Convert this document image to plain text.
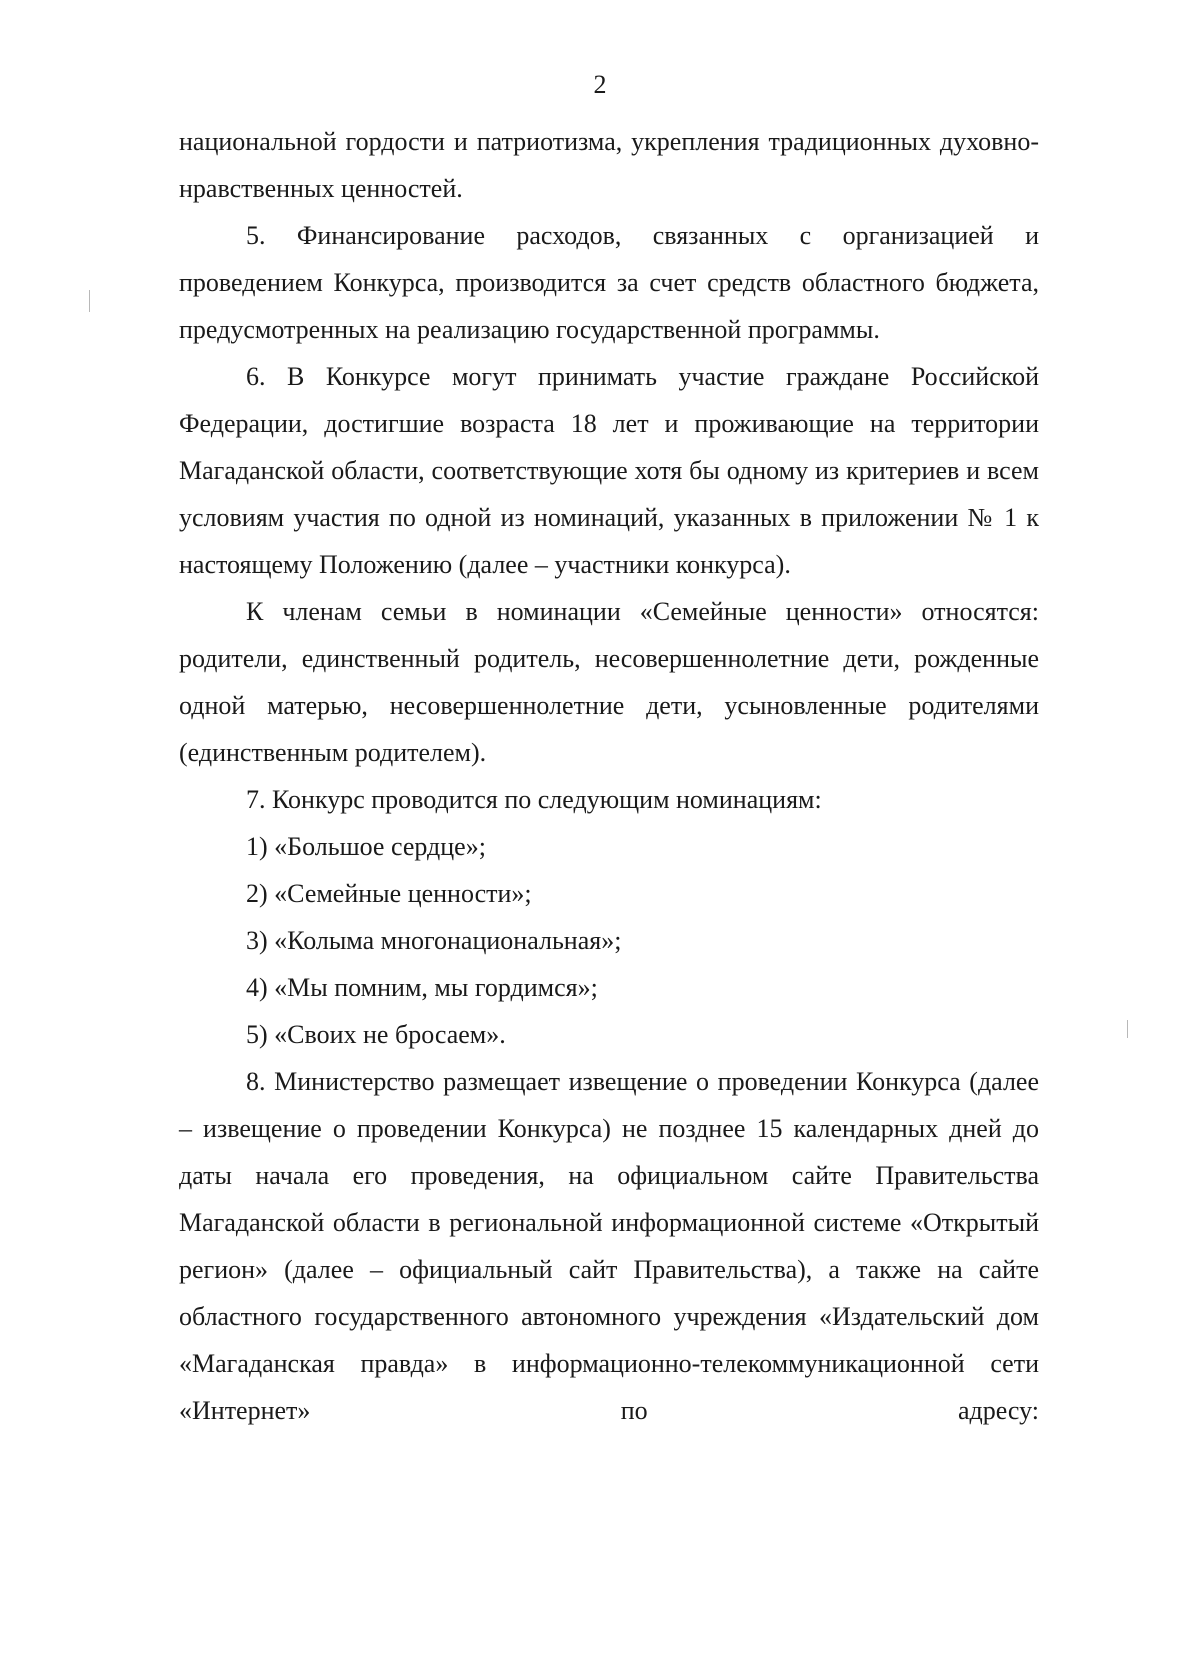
2

национальной гордости и патриотизма, укрепления традиционных духовно-нравственных ценностей.

5. Финансирование расходов, связанных с организацией и проведением Конкурса, производится за счет средств областного бюджета, предусмотренных на реализацию государственной программы.

6. В Конкурсе могут принимать участие граждане Российской Федерации, достигшие возраста 18 лет и проживающие на территории Магаданской области, соответствующие хотя бы одному из критериев и всем условиям участия по одной из номинаций, указанных в приложении № 1 к настоящему Положению (далее – участники конкурса).

К членам семьи в номинации «Семейные ценности» относятся: родители, единственный родитель, несовершеннолетние дети, рожденные одной матерью, несовершеннолетние дети, усыновленные родителями (единственным родителем).

7. Конкурс проводится по следующим номинациям:

1) «Большое сердце»;

2) «Семейные ценности»;

3) «Колыма многонациональная»;

4) «Мы помним, мы гордимся»;

5) «Своих не бросаем».

8. Министерство размещает извещение о проведении Конкурса (далее – извещение о проведении Конкурса) не позднее 15 календарных дней до даты начала его проведения, на официальном сайте Правительства Магаданской области в региональной информационной системе «Открытый регион» (далее – официальный сайт Правительства), а также на сайте областного государственного автономного учреждения «Издательский дом «Магаданская правда» в информационно-телекоммуникационной сети «Интернет» по адресу:
